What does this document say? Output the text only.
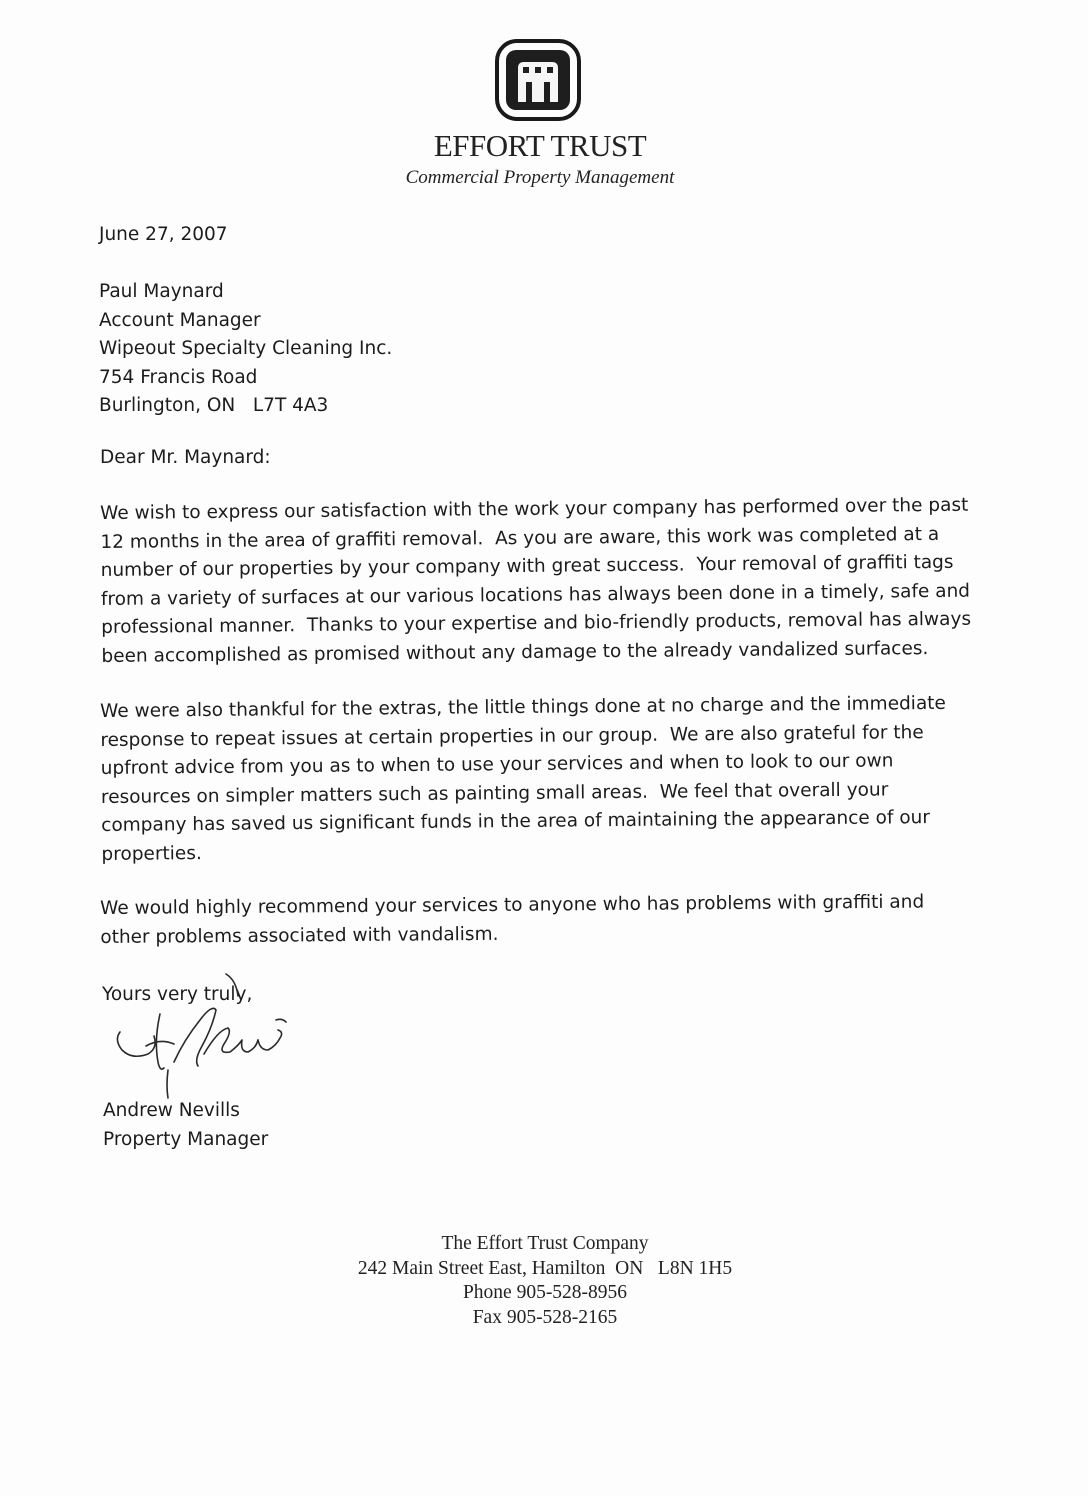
EFFORT TRUST
Commercial Property Management
June 27, 2007
Paul Maynard
Account Manager
Wipeout Specialty Cleaning Inc.
754 Francis Road
Burlington, ON   L7T 4A3
Dear Mr. Maynard:
We wish to express our satisfaction with the work your company has performed over the past
12 months in the area of graffiti removal.  As you are aware, this work was completed at a
number of our properties by your company with great success.  Your removal of graffiti tags
from a variety of surfaces at our various locations has always been done in a timely, safe and
professional manner.  Thanks to your expertise and bio-friendly products, removal has always
been accomplished as promised without any damage to the already vandalized surfaces.
We were also thankful for the extras, the little things done at no charge and the immediate
response to repeat issues at certain properties in our group.  We are also grateful for the
upfront advice from you as to when to use your services and when to look to our own
resources on simpler matters such as painting small areas.  We feel that overall your
company has saved us significant funds in the area of maintaining the appearance of our
properties.
We would highly recommend your services to anyone who has problems with graffiti and
other problems associated with vandalism.
Yours very truly,
Andrew Nevills
Property Manager
The Effort Trust Company
242 Main Street East, Hamilton  ON   L8N 1H5
Phone 905-528-8956
Fax 905-528-2165
